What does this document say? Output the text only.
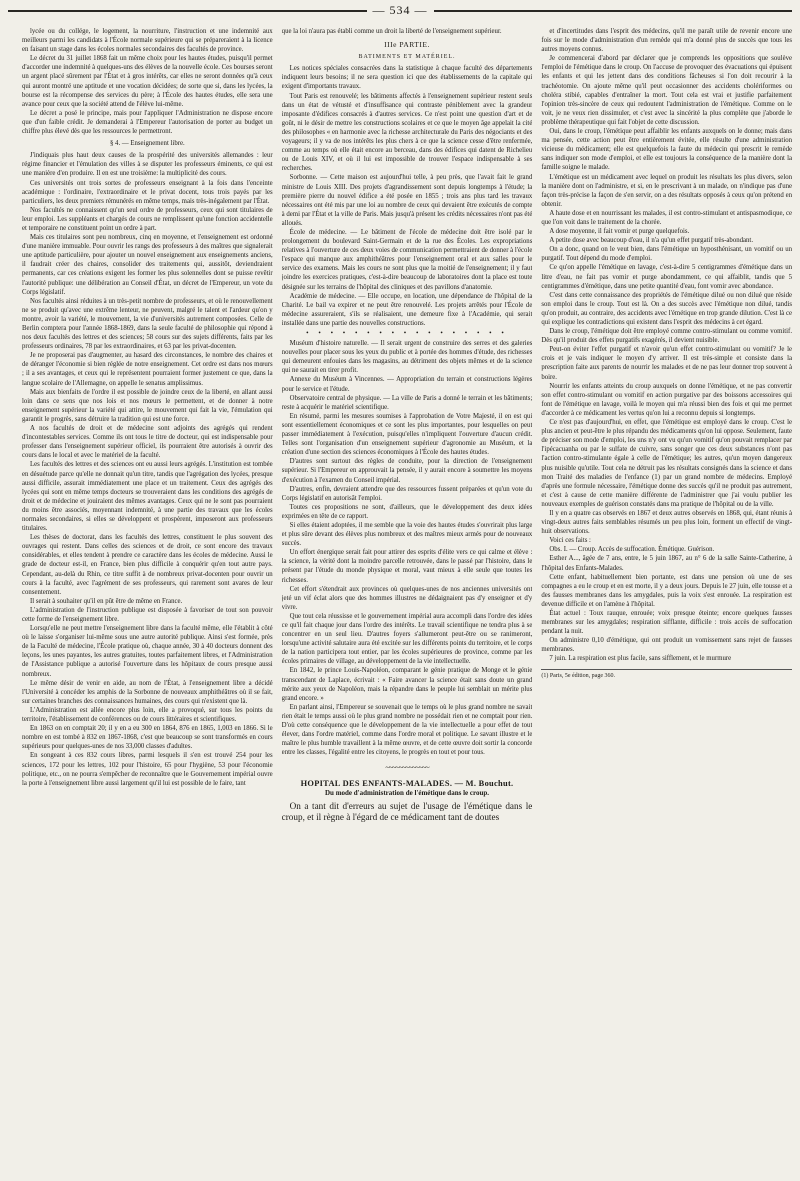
— 534 —

lycée ou du collége, le logement, la nourriture, l'instruction et une indemnité aux meilleurs parmi les candidats à l'École normale supérieure qui se prépareraient à la licence en faisant un stage dans les écoles normales secondaires des facultés de province.

Le décret du 31 juillet 1868 fait un même choix pour les hautes études, puisqu'il permet d'accorder une indemnité à quelques-uns des élèves de la nouvelle école. Ces bourses seront un argent placé sûrement par l'État et à gros intérêts, car elles ne seront données qu'à ceux qui auront montré une aptitude et une vocation décidées; de sorte que si, dans les lycées, la bourse est la récompense des services du père; à l'École des hautes études, elle sera une avance pour ceux que la société attend de l'élève lui-même.

Le décret a posé le principe, mais pour l'appliquer l'Administration ne dispose encore que d'un faible crédit. Je demanderai à l'Empereur l'autorisation de porter au budget un chiffre plus élevé dès que les ressources le permettront.

§ 4. — Enseignement libre.

J'indiquais plus haut deux causes de la prospérité des universités allemandes : leur régime financier et l'émulation des villes à se disputer les professeurs éminents, ce qui est une manière d'en produire. Il en est une troisième: la multiplicité des cours.

Ces universités ont trois sortes de professeurs enseignant à la fois dans l'enceinte académique : l'ordinaire, l'extraordinaire et le privat docent, tous trois payés par les particuliers, les deux premiers rémunérés en même temps, mais très-inégalement par l'État.

Nos facultés ne connaissent qu'un seul ordre de professeurs, ceux qui sont titulaires de leur emploi. Les suppléants et chargés de cours ne remplissent qu'une fonction accidentelle et temporaire ne constituent point un ordre à part.

Mais ces titulaires sont peu nombreux, cinq en moyenne, et l'enseignement est ordonné d'une manière immuable. Pour ouvrir les rangs des professeurs à des maîtres que signalerait une aptitude particulière, pour ajouter un nouvel enseignement aux enseignements anciens, il faudrait créer des chaires, consolider des traitements qui, aussitôt, deviendraient permanents, car ces créations exigent les former les plus solennelles dont se puisse revêtir l'autorité publique: une délibération au Conseil d'État, un décret de l'Empereur, un vote du Corps législatif.

Nos facultés ainsi réduites à un très-petit nombre de professeurs, et où le renouvellement ne se produit qu'avec une extrême lenteur, ne peuvent, malgré le talent et l'ardeur qu'on y montre, avoir la variété, le mouvement, la vie d'universités autrement composées. Celle de Berlin comptera pour l'année 1868-1869, dans la seule faculté de philosophie qui répond à nos deux facultés des lettres et des sciences; 58 cours sur des sujets différents, faits par les professeurs ordinaires, 78 par les extraordinaires, et 63 par les privat-docenten.

Je ne proposerai pas d'augmenter, au hasard des circonstances, le nombre des chaires et de déranger l'économie si bien réglée de notre enseignement. Cet ordre est dans nos mœurs ; il a ses avantages, et ceux qui le représentent pourraient former justement ce que, dans la langue scolaire de l'Allemagne, on appelle le senatus amplissimus.

Mais aux bienfaits de l'ordre il est possible de joindre ceux de la liberté, en allant aussi loin dans ce sens que nos lois et nos mœurs le permettent, et de donner à notre enseignement supérieur la variété qui attire, le mouvement qui fait la vie, l'émulation qui garantit le progrès, sans détruire la tradition qui est une force.

A nos facultés de droit et de médecine sont adjoints des agrégés qui rendent d'incontestables services. Comme ils ont tous le titre de docteur, qui est indispensable pour professer dans l'enseignement supérieur officiel, ils pourraient être autorisés à ouvrir des cours dans le local et avec le matériel de la faculté.

Les facultés des lettres et des sciences ont eu aussi leurs agrégés. L'institution est tombée en désuétude parce qu'elle ne donnait qu'un titre, tandis que l'agrégation des lycées, presque aussi difficile, assurait immédiatement une place et un traitement. Ceux des agrégés des lycées qui sont en même temps docteurs se trouveraient dans les conditions des agrégés de droit et de médecine et jouiraient des mêmes avantages. Ceux qui ne le sont pas pourraient du moins être associés, moyennant indemnité, à une partie des travaux que les écoles normales secondaires, si elles se développent et prospèrent, imposeront aux professeurs titulaires.

Les thèses de doctorat, dans les facultés des lettres, constituent le plus souvent des ouvrages qui restent. Dans celles des sciences et de droit, ce sont encore des travaux considérables, et elles tendent à prendre ce caractère dans les écoles de médecine. Aussi le grade de docteur est-il, en France, bien plus difficile à conquérir qu'en tout autre pays. Cependant, au-delà du Rhin, ce titre suffit à de nombreux privat-docenten pour ouvrir un cours à la faculté, avec l'agrément de ses professeurs, qui rarement sont avares de leur consentement.

Il serait à souhaiter qu'il en pût être de même en France.

L'administration de l'instruction publique est disposée à favoriser de tout son pouvoir cette forme de l'enseignement libre.

Lorsqu'elle ne peut mettre l'enseignement libre dans la faculté même, elle l'établit à côté où le laisse s'organiser lui-même sous une autre autorité publique. Ainsi s'est formée, près de la Faculté de médecine, l'École pratique où, chaque année, 30 à 40 docteurs donnent des leçons, les unes payantes, les autres gratuites, toutes parfaitement libres, et l'Administration de l'Assistance publique a autorisé l'ouverture dans les hôpitaux de cours presque aussi nombreux.

Le même désir de venir en aide, au nom de l'État, à l'enseignement libre a décidé l'Université à concéder les amphis de la Sorbonne de nouveaux amphithéâtres où il se fait, sur certaines branches des connaissances humaines, des cours qui n'existent que là.

L'Administration est allée encore plus loin, elle a provoqué, sur tous les points du territoire, l'établissement de conférences ou de cours littéraires et scientifiques.

En 1863 on en comptait 20; il y en a eu 300 en 1864, 876 en 1865, 1,003 en 1866. Si le nombre en est tombé à 832 en 1867-1868, c'est que beaucoup se sont transformés en cours supérieurs pour quelques-unes de nos 33,000 classes d'adultes.

En songeant à ces 832 cours libres, parmi lesquels il s'en est trouvé 254 pour les sciences, 172 pour les lettres, 102 pour l'histoire, 65 pour l'hygiène, 53 pour l'économie politique, etc., on ne pourra s'empêcher de reconnaître que le Gouvernement impérial ouvre la porte à l'enseignement libre aussi largement qu'il lui est possible de le faire, tant

que la loi n'aura pas établi comme un droit la liberté de l'enseignement supérieur.

IIIe PARTIE.
BATIMENTS ET MATÉRIEL.

Les notices spéciales consacrées dans la statistique à chaque faculté des départements indiquent leurs besoins; il ne sera question ici que des établissements de la capitale qui exigent d'importants travaux.

Tout Paris est renouvelé; les bâtiments affectés à l'enseignement supérieur restent seuls dans un état de vétusté et d'insuffisance qui contraste péniblement avec la grandeur imposante d'édifices consacrés à d'autres services. Ce n'est point une question d'art et de goût, ni le désir de mettre les constructions scolaires et ce que le moyen âge appelait la cité des philosophes « en harmonie avec la richesse architecturale du Paris des négociants et des voyageurs; il y va de nos intérêts les plus chers à ce que la science cesse d'être renfermée, comme au temps où elle était encore au berceau, dans des édifices qui datent de Richelieu ou de Louis XIV, et où il lui est impossible de trouver l'espace indispensable à ses recherches.

Sorbonne. — Cette maison est aujourd'hui telle, à peu près, que l'avait fait le grand ministre de Louis XIII. Des projets d'agrandissement sont depuis longtemps à l'étude; la première pierre du nouvel édifice a été posée en 1855 ; trois ans plus tard les travaux nécessaires ont été mis par une loi au nombre de ceux qui devaient être exécutés de compte à demi par l'État et la ville de Paris. Mais jusqu'à présent les crédits nécessaires n'ont pas été alloués.

École de médecine. — Le bâtiment de l'école de médecine doit être isolé par le prolongement du boulevard Saint-Germain et de la rue des Écoles. Les expropriations relatives à l'ouverture de ces deux voies de communication permettraient de donner à l'école l'espace qui manque aux amphithéâtres pour l'enseignement oral et aux salles pour le service des examens. Mais les cours ne sont plus que la moitié de l'enseignement; il y faut joindre les exercices pratiques, c'est-à-dire beaucoup de laboratoires dont la place est toute désignée sur les terrains de l'hôpital des cliniques et des pavillons d'anatomie.

Académie de médecine. — Elle occupe, en location, une dépendance de l'hôpital de la Charité. Le bail va expirer et ne peut être renouvelé. Les projets arrêtés pour l'École de médecine assureraient, s'ils se réalisaient, une demeure fixe à l'Académie, qui serait installée dans une partie des nouvelles constructions.

• • • • • • • • • • • • • • • • •

Muséum d'histoire naturelle. — Il serait urgent de construire des serres et des galeries nouvelles pour placer sous les yeux du public et à portée des hommes d'étude, des richesses qui demeurent enfouies dans les magasins, au détriment des objets mêmes et de la science qui ne saurait en tirer profit.

Annexe du Muséum à Vincennes. — Appropriation du terrain et constructions légères pour le service et l'étude.

Observatoire central de physique. — La ville de Paris a donné le terrain et les bâtiments; reste à acquérir le matériel scientifique.

En résumé, parmi les mesures soumises à l'approbation de Votre Majesté, il en est qui sont essentiellement économiques et ce sont les plus importantes, pour lesquelles on peut passer immédiatement à l'exécution, puisqu'elles n'impliquent l'ouverture d'aucun crédit. Telles sont l'organisation d'un enseignement supérieur d'agronomie au Muséum, et la création d'une section des sciences économiques à l'École des hautes études.

D'autres sont surtout des règles de conduite, pour la direction de l'enseignement supérieur. Si l'Empereur en approuvait la pensée, il y aurait encore à soumettre les moyens d'exécution à l'examen du Conseil impérial.

D'autres, enfin, devraient attendre que des ressources fussent préparées et qu'un vote du Corps législatif en autorisât l'emploi.

Toutes ces propositions ne sont, d'ailleurs, que le développement des deux idées exprimées en tête de ce rapport.

Si elles étaient adoptées, il me semble que la voie des hautes études s'ouvrirait plus large et plus sûre devant des élèves plus nombreux et des maîtres mieux armés pour de nouveaux succès.

Un effort énergique serait fait pour attirer des esprits d'élite vers ce qui calme et élève : la science, la vérité dont la moindre parcelle retrouvée, dans le passé par l'histoire, dans le présent par l'étude du monde physique et moral, vaut mieux à elle seule que toutes les richesses.

Cet effort s'étendrait aux provinces où quelques-unes de nos anciennes universités ont jeté un vif éclat alors que des hommes illustres ne dédaignaient pas d'y enseigner et d'y vivre.

Que tout cela réussisse et le gouvernement impérial aura accompli dans l'ordre des idées ce qu'il fait chaque jour dans l'ordre des intérêts. Le travail scientifique ne tendra plus à se concentrer en un seul lieu. D'autres foyers s'allumeront peut-être ou se ranimeront, lorsqu'une activité salutaire aura été excitée sur les différents points du territoire, et le corps de la nation participera tout entier, par les écoles supérieures de province, comme par les écoles primaires de village, au développement de la vie intellectuelle.

En 1842, le prince Louis-Napoléon, comparant le génie pratique de Monge et le génie transcendant de Laplace, écrivait : « Faire avancer la science était sans doute un grand mérite aux yeux de Napoléon, mais la répandre dans le peuple lui semblait un mérite plus grand encore. »

En parlant ainsi, l'Empereur se souvenait que le temps où le plus grand nombre ne savait rien était le temps aussi où le plus grand nombre ne possédait rien et ne comptait pour rien. D'où cette conséquence que le développement de la vie intellectuelle a pour effet de tout élever, dans l'ordre matériel, comme dans l'ordre moral et politique. Le savant illustre et le maître le plus humble travaillent à la même œuvre, et de cette œuvre doit sortir la concorde entre les classes, l'égalité entre les citoyens, le progrès en tout et pour tous.

~~~~~~~~~~~~~
HOPITAL DES ENFANTS-MALADES. — M. Bouchut.
Du mode d'administration de l'émétique dans le croup.

On a tant dit d'erreurs au sujet de l'usage de l'émétique dans le croup, et il règne à l'égard de ce médicament tant de doutes

et d'incertitudes dans l'esprit des médecins, qu'il me paraît utile de revenir encore une fois sur le mode d'administration d'un remède qui m'a donné plus de succès que tous les autres moyens connus.

Je commencerai d'abord par déclarer que je comprends les oppositions que soulève l'emploi de l'émétique dans le croup. On l'accuse de provoquer des évacuations qui épuisent les enfants et qui les jettent dans des conditions fâcheuses si l'on doit recourir à la trachéotomie. On ajoute même qu'il peut occasionner des accidents cholériformes ou choléra stibié, capables d'entraîner la mort. Tout cela est vrai et justifie parfaitement l'opinion très-sincère de ceux qui redoutent l'administration de l'émétique. Comme on le voit, je ne veux rien dissimuler, et c'est avec la sincérité la plus complète que j'aborde le problème thérapeutique qui fait l'objet de cette discussion.

Oui, dans le croup, l'émétique peut affaiblir les enfants auxquels on le donne; mais dans ma pensée, cette action peut être entièrement évitée, elle résulte d'une administration vicieuse du médicament; elle est quelquefois la faute du médecin qui prescrit le remède sans indiquer son mode d'emploi, et elle est toujours la conséquence de la manière dont la famille soigne le malade.

L'émétique est un médicament avec lequel on produit les résultats les plus divers, selon la manière dont on l'administre, et si, en le prescrivant à un malade, on n'indique pas d'une façon très-précise la façon de s'en servir, on a des résultats opposés à ceux qu'on prétend en obtenir.

A haute dose et en nourrissant les malades, il est contro-stimulant et antispasmodique, ce que l'on voit dans le traitement de la chorée.

A dose moyenne, il fait vomir et purge quelquefois.

A petite dose avec beaucoup d'eau, il n'a qu'un effet purgatif très-abondant.

On a donc, quand on le veut bien, dans l'émétique un hyposthénisant, un vomitif ou un purgatif. Tout dépend du mode d'emploi.

Ce qu'on appelle l'émétique en lavage, c'est-à-dire 5 centigrammes d'émétique dans un litre d'eau, ne fait pas vomir et purge abondamment, ce qui affaiblit, tandis que 5 centigrammes d'émétique, dans une petite quantité d'eau, font vomir avec abondance.

C'est dans cette connaissance des propriétés de l'émétique dilué ou non dilué que réside son emploi dans le croup. Tout est là. On a des succès avec l'émétique non dilué, tandis qu'on produit, au contraire, des accidents avec l'émétique en trop grande dilution. C'est là ce qui explique les contradictions qui existent dans l'esprit des médecins à cet égard.

Dans le croup, l'émétique doit être employé comme contro-stimulant ou comme vomitif. Dès qu'il produit des effets purgatifs exagérés, il devient nuisible.

Peut-on éviter l'effet purgatif et n'avoir qu'un effet contro-stimulant ou vomitif? Je le crois et je vais indiquer le moyen d'y arriver. Il est très-simple et consiste dans la prescription faite aux parents de nourrir les malades et de ne pas leur donner trop souvent à boire.

Nourrir les enfants atteints du croup auxquels on donne l'émétique, et ne pas convertir son effet contro-stimulant ou vomitif en action purgative par des boissons accessoires qui font de l'émétique en lavage, voilà le moyen qui m'a réussi bien des fois et qui me permet d'accorder à ce médicament les vertus qu'on lui a reconnu depuis si longtemps.

Ce n'est pas d'aujourd'hui, en effet, que l'émétique est employé dans le croup. C'est le plus ancien et peut-être le plus répandu des médicaments qu'on lui oppose. Seulement, faute de préciser son mode d'emploi, les uns n'y ont vu qu'un vomitif qu'on pouvait remplacer par l'ipécacuanha ou par le sulfate de cuivre, sans songer que ces deux substances n'ont pas l'action contro-stimulante égale à celle de l'émétique; les autres, qu'un moyen dangereux plus nuisible qu'utile. Tout cela ne détruit pas les résultats consignés dans la science et dans mon Traité des maladies de l'enfance (1) par un grand nombre de médecins. Employé d'après une formule nécessaire, l'émétique donne des succès qu'il ne produit pas autrement, et c'est à cause de cette manière différente de l'administrer que j'ai voulu publier les nouveaux exemples de guérison constatés dans ma pratique de l'hôpital ou de la ville.

Il y en a quatre cas observés en 1867 et deux autres observés en 1868, qui, étant réunis à vingt-deux autres faits semblables résumés un peu plus loin, forment un effectif de vingt-huit observations.

Voici ces faits :

Obs. I. — Croup. Accès de suffocation. Émétique. Guérison.

Esther A..., âgée de 7 ans, entre, le 5 juin 1867, au n° 6 de la salle Sainte-Catherine, à l'hôpital des Enfants-Malades.

Cette enfant, habituellement bien portante, est dans une pension où une de ses compagnes a eu le croup et en est morte, il y a deux jours. Depuis le 27 juin, elle tousse et a des fausses membranes dans les amygdales, puis la voix s'est enrouée. La respiration est devenue difficile et on l'amène à l'hôpital.

État actuel : Toux rauque, enrouée; voix presque éteinte; encore quelques fausses membranes sur les amygdales; respiration sifflante, difficile : trois accès de suffocation pendant la nuit.

On administre 0,10 d'émétique, qui ont produit un vomissement sans rejet de fausses membranes.

7 juin. La respiration est plus facile, sans sifflement, et le murmure

(1) Paris, 5e édition, page 360.
